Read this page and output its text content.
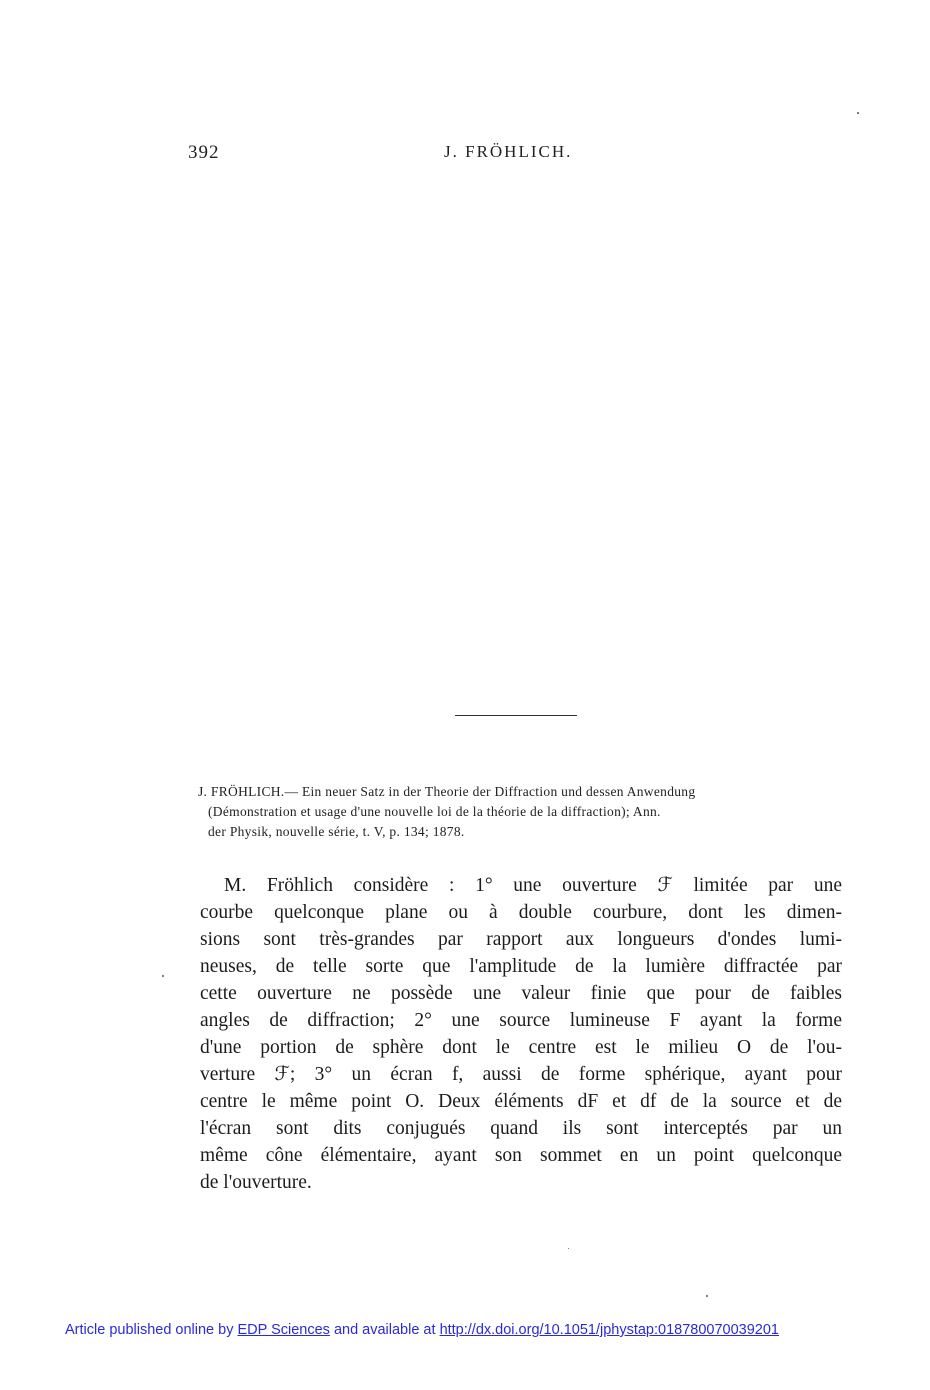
392	J. FRÖHLICH.
J. FRÖHLICH.— Ein neuer Satz in der Theorie der Diffraction und dessen Anwendung
(Démonstration et usage d'une nouvelle loi de la théorie de la diffraction); Ann.
der Physik, nouvelle série, t. V, p. 134; 1878.
M. Fröhlich considère : 1° une ouverture ℱ limitée par une
courbe quelconque plane ou à double courbure, dont les dimen-
sions sont très-grandes par rapport aux longueurs d'ondes lumi-
neuses, de telle sorte que l'amplitude de la lumière diffractée par
cette ouverture ne possède une valeur finie que pour de faibles
angles de diffraction; 2° une source lumineuse F ayant la forme
d'une portion de sphère dont le centre est le milieu O de l'ou-
verture ℱ; 3° un écran f, aussi de forme sphérique, ayant pour
centre le même point O. Deux éléments dF et df de la source et de
l'écran sont dits conjugués quand ils sont interceptés par un
même cône élémentaire, ayant son sommet en un point quelconque
de l'ouverture.
Article published online by EDP Sciences and available at http://dx.doi.org/10.1051/jphystap:018780070039201
